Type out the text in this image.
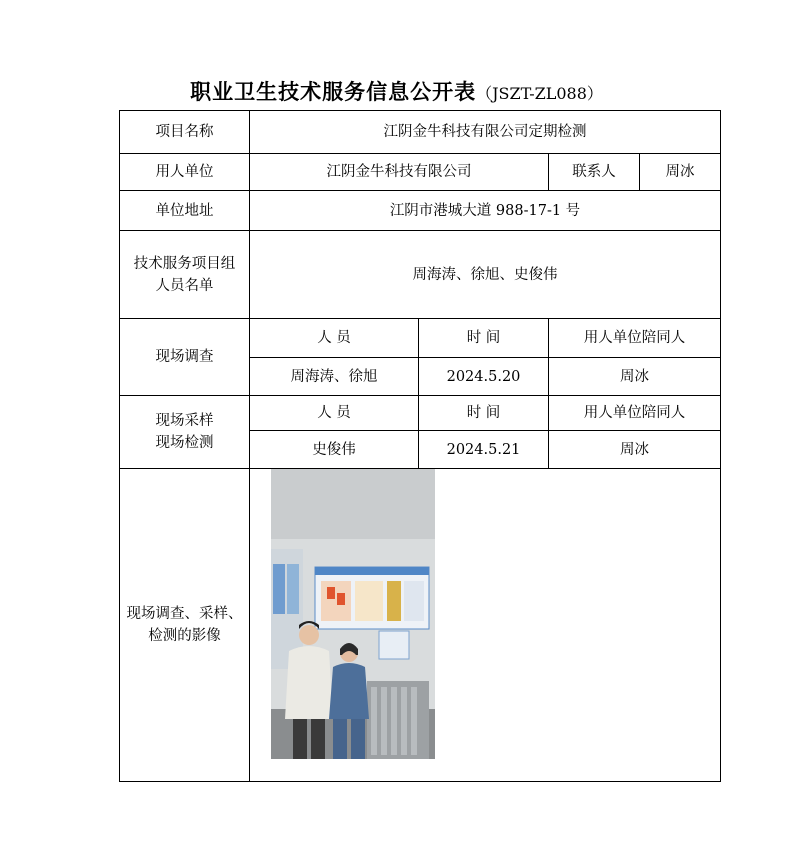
职业卫生技术服务信息公开表（JSZT-ZL088）
项目名称	江阴金牛科技有限公司定期检测			
用人单位	江阴金牛科技有限公司		联系人	周冰
单位地址	江阴市港城大道 988-17-1 号			

技术服务项目组
人员名单	周海涛、徐旭、史俊伟			
现场调查	人 员	时 间	用人单位陪同人	
	周海涛、徐旭	2024.5.20	周冰	

现场采样
现场检测	人 员	时 间	用人单位陪同人	
	史俊伟	2024.5.21	周冰	

现场调查、采样、
检测的影像
